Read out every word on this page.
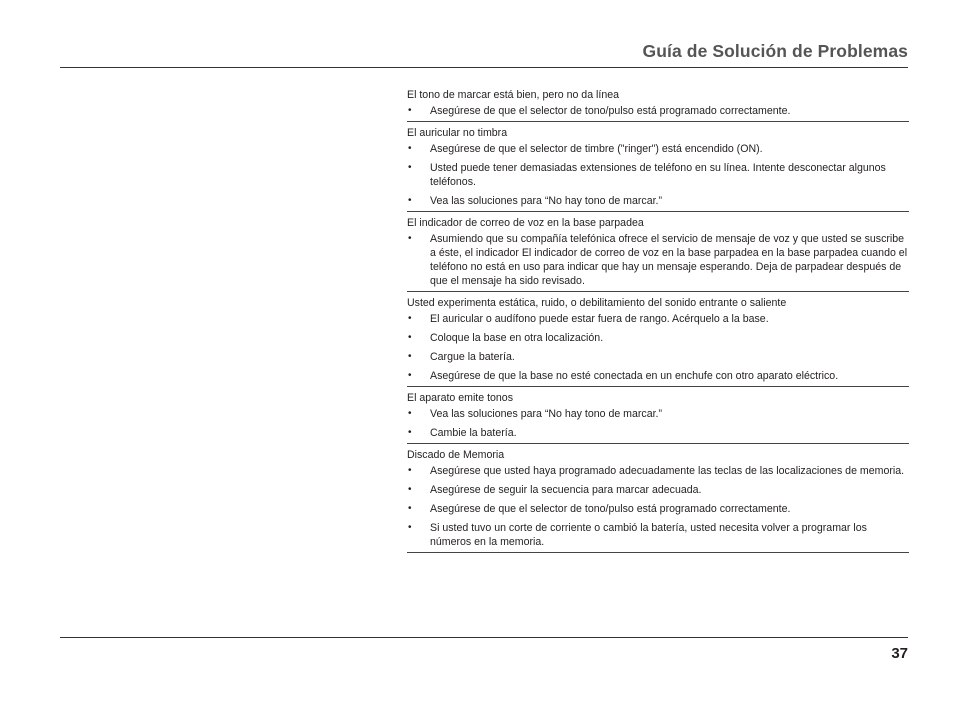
Guía de Solución de Problemas
El tono de marcar está bien, pero no da línea
• Asegúrese de que el selector de tono/pulso está programado correctamente.
El auricular no timbra
• Asegúrese de que el selector de timbre ("ringer") está encendido (ON).
• Usted puede tener demasiadas extensiones de teléfono en su línea. Intente desconectar algunos teléfonos.
• Vea las soluciones para “No hay tono de marcar.”
El indicador de correo de voz en la base parpadea
• Asumiendo que su compañía telefónica ofrece el servicio de mensaje de voz y que usted se suscribe a éste, el indicador El indicador de correo de voz en la base parpadea en la base parpadea cuando el teléfono no está en uso para indicar que hay un mensaje esperando. Deja de parpadear después de que el mensaje ha sido revisado.
Usted experimenta estática, ruido, o debilitamiento del sonido entrante o saliente
• El auricular o audífono puede estar fuera de rango. Acérquelo a la base.
• Coloque la base en otra localización.
• Cargue la batería.
• Asegúrese de que la base no esté conectada en un enchufe con otro aparato eléctrico.
El aparato emite tonos
• Vea las soluciones para “No hay tono de marcar.”
• Cambie la batería.
Discado de Memoria
• Asegúrese que usted haya programado adecuadamente las teclas de las localizaciones de memoria.
• Asegúrese de seguir la secuencia para marcar adecuada.
• Asegúrese de que el selector de tono/pulso está programado correctamente.
• Si usted tuvo un corte de corriente o cambió la batería, usted necesita volver a programar los números en la memoria.
37
